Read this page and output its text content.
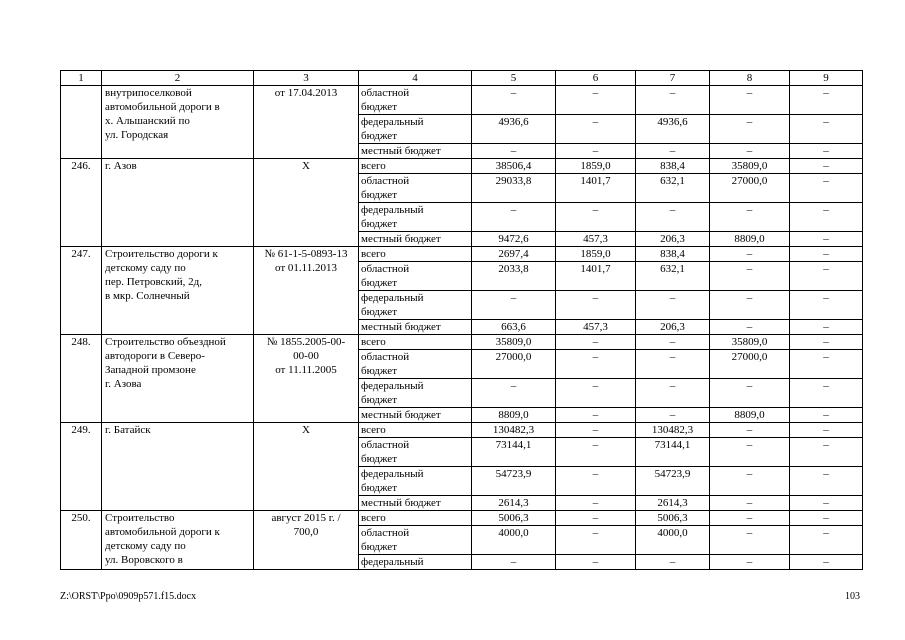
1	2	3	4	5	6	7	8	9
	внутрипоселковой
автомобильной дороги в
х. Альшанский по
ул. Городская	от 17.04.2013	областной
бюджет	–	–	–	–	–
			федеральный
бюджет	4936,6	–	4936,6	–	–
			местный бюджет	–	–	–	–	–
246.	г. Азов	Х	всего	38506,4	1859,0	838,4	35809,0	–
			областной
бюджет	29033,8	1401,7	632,1	27000,0	–
			федеральный
бюджет	–	–	–	–	–
			местный бюджет	9472,6	457,3	206,3	8809,0	–
247.	Строительство дороги к
детскому саду по
пер. Петровский, 2д,
в мкр. Солнечный	№ 61-1-5-0893-13
от 01.11.2013	всего	2697,4	1859,0	838,4	–	–
			областной
бюджет	2033,8	1401,7	632,1	–	–
			федеральный
бюджет	–	–	–	–	–
			местный бюджет	663,6	457,3	206,3	–	–
248.	Строительство объездной
автодороги в Северо-
Западной промзоне
г. Азова	№ 1855.2005-00-
00-00
от 11.11.2005	всего	35809,0	–	–	35809,0	–
			областной
бюджет	27000,0	–	–	27000,0	–
			федеральный
бюджет	–	–	–	–	–
			местный бюджет	8809,0	–	–	8809,0	–
249.	г. Батайск	Х	всего	130482,3	–	130482,3	–	–
			областной
бюджет	73144,1	–	73144,1	–	–
			федеральный
бюджет	54723,9	–	54723,9	–	–
			местный бюджет	2614,3	–	2614,3	–	–
250.	Строительство
автомобильной дороги к
детскому саду по
ул. Воровского в	август 2015 г. /
700,0	всего	5006,3	–	5006,3	–	–
			областной
бюджет	4000,0	–	4000,0	–	–
			федеральный	–	–	–	–	–
Z:\ORST\Ppo\0909p571.f15.docx	103
